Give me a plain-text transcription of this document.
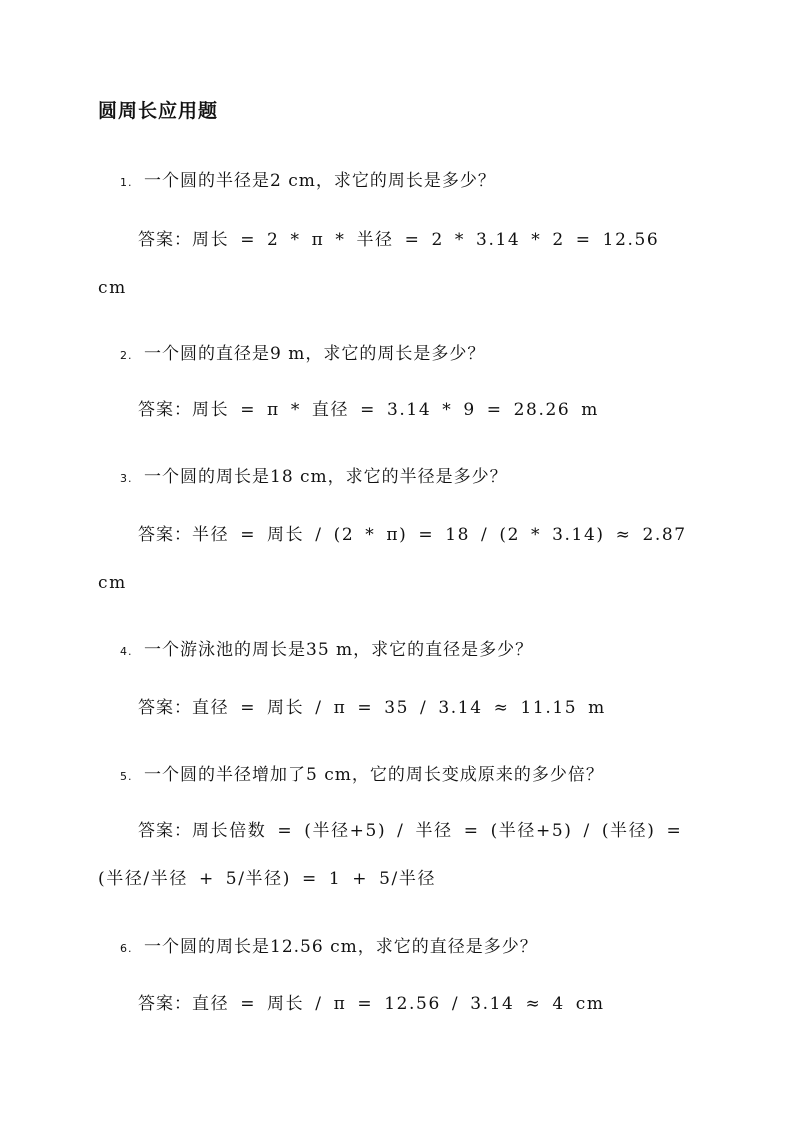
圆周长应用题
1. 一个圆的半径是2 cm，求它的周长是多少？
答案：周长 = 2 * π * 半径 = 2 * 3.14 * 2 = 12.56 cm
2. 一个圆的直径是9 m，求它的周长是多少？
答案：周长 = π * 直径 = 3.14 * 9 = 28.26 m
3. 一个圆的周长是18 cm，求它的半径是多少？
答案：半径 = 周长 / (2 * π) = 18 / (2 * 3.14) ≈ 2.87 cm
4. 一个游泳池的周长是35 m，求它的直径是多少？
答案：直径 = 周长 / π = 35 / 3.14 ≈ 11.15 m
5. 一个圆的半径增加了5 cm，它的周长变成原来的多少倍？
答案：周长倍数 = (半径+5) / 半径 = (半径+5) / (半径) = (半径/半径 + 5/半径) = 1 + 5/半径
6. 一个圆的周长是12.56 cm，求它的直径是多少？
答案：直径 = 周长 / π = 12.56 / 3.14 ≈ 4 cm
